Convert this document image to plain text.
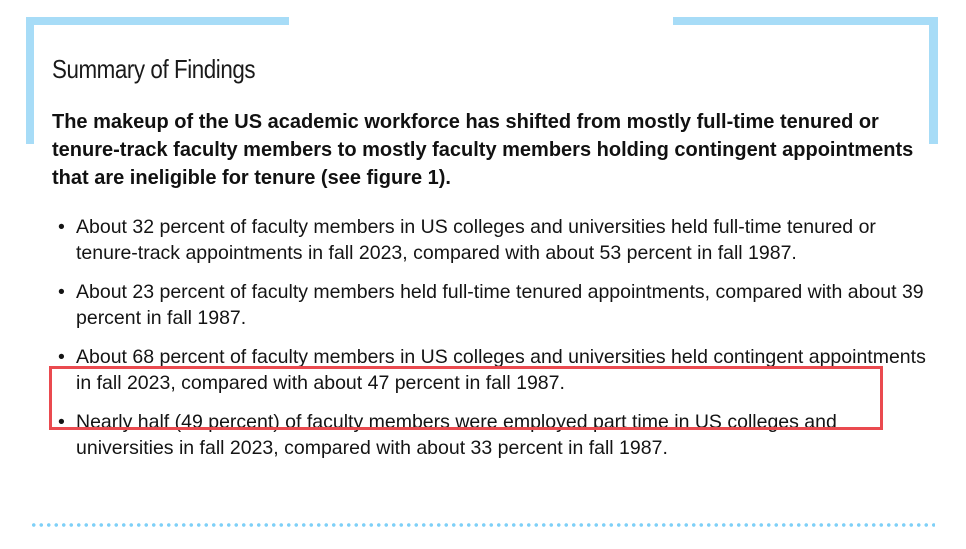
Summary of Findings

The makeup of the US academic workforce has shifted from mostly full-time tenured or tenure-track faculty members to mostly faculty members holding contingent appointments that are ineligible for tenure (see figure 1).

• About 32 percent of faculty members in US colleges and universities held full-time tenured or tenure-track appointments in fall 2023, compared with about 53 percent in fall 1987.
• About 23 percent of faculty members held full-time tenured appointments, compared with about 39 percent in fall 1987.
• About 68 percent of faculty members in US colleges and universities held contingent appointments in fall 2023, compared with about 47 percent in fall 1987.
• Nearly half (49 percent) of faculty members were employed part time in US colleges and universities in fall 2023, compared with about 33 percent in fall 1987.
